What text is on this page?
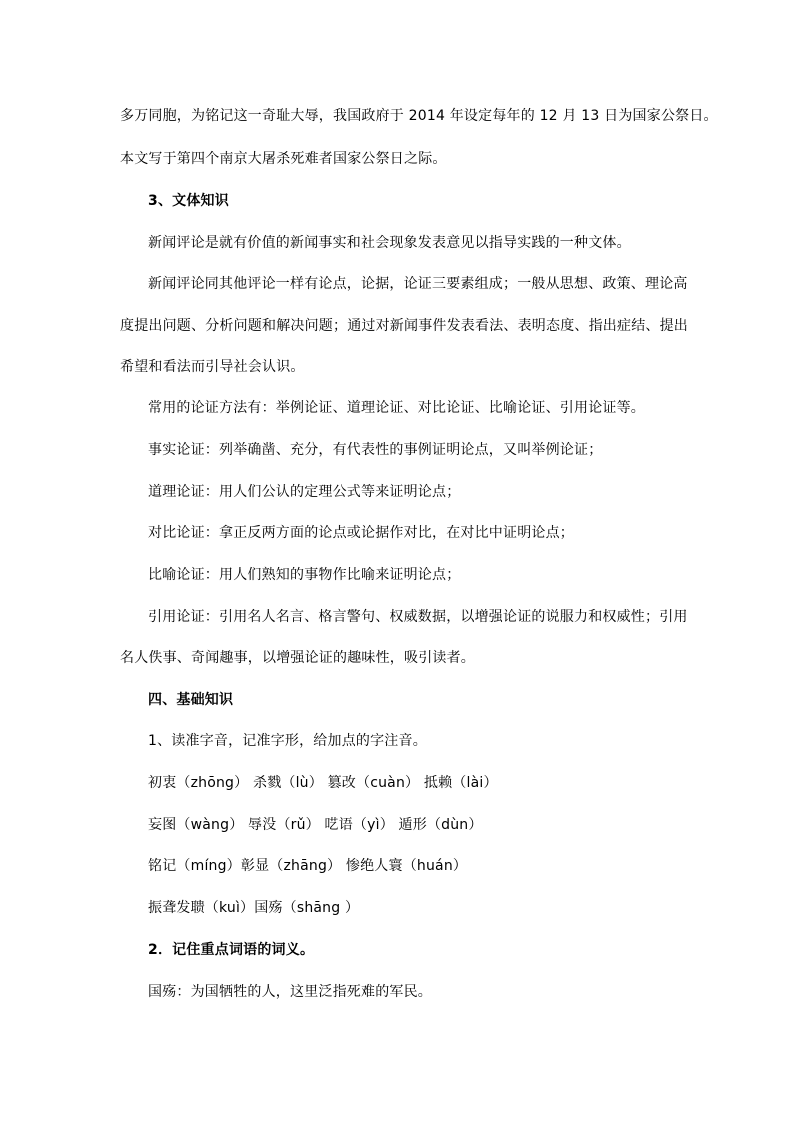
多万同胞，为铭记这一奇耻大辱，我国政府于 2014 年设定每年的 12 月 13 日为国家公祭日。
本文写于第四个南京大屠杀死难者国家公祭日之际。
3、文体知识
新闻评论是就有价值的新闻事实和社会现象发表意见以指导实践的一种文体。
新闻评论同其他评论一样有论点，论据，论证三要素组成；一般从思想、政策、理论高
度提出问题、分析问题和解决问题；通过对新闻事件发表看法、表明态度、指出症结、提出
希望和看法而引导社会认识。
常用的论证方法有：举例论证、道理论证、对比论证、比喻论证、引用论证等。
事实论证：列举确凿、充分，有代表性的事例证明论点，又叫举例论证；
道理论证：用人们公认的定理公式等来证明论点；
对比论证：拿正反两方面的论点或论据作对比，在对比中证明论点；
比喻论证：用人们熟知的事物作比喻来证明论点；
引用论证：引用名人名言、格言警句、权威数据，以增强论证的说服力和权威性；引用
名人佚事、奇闻趣事，以增强论证的趣味性，吸引读者。
四、基础知识
1、读准字音，记准字形，给加点的字注音。
初衷（zhōng） 杀戮（lù） 篡改（cuàn） 抵赖（lài）
妄图（wàng） 辱没（rǔ） 呓语（yì） 遁形（dùn）
铭记（míng）彰显（zhāng） 惨绝人寰（huán）
振聋发聩（kuì）国殇（shāng ）
2．记住重点词语的词义。
国殇：为国牺牲的人，这里泛指死难的军民。
